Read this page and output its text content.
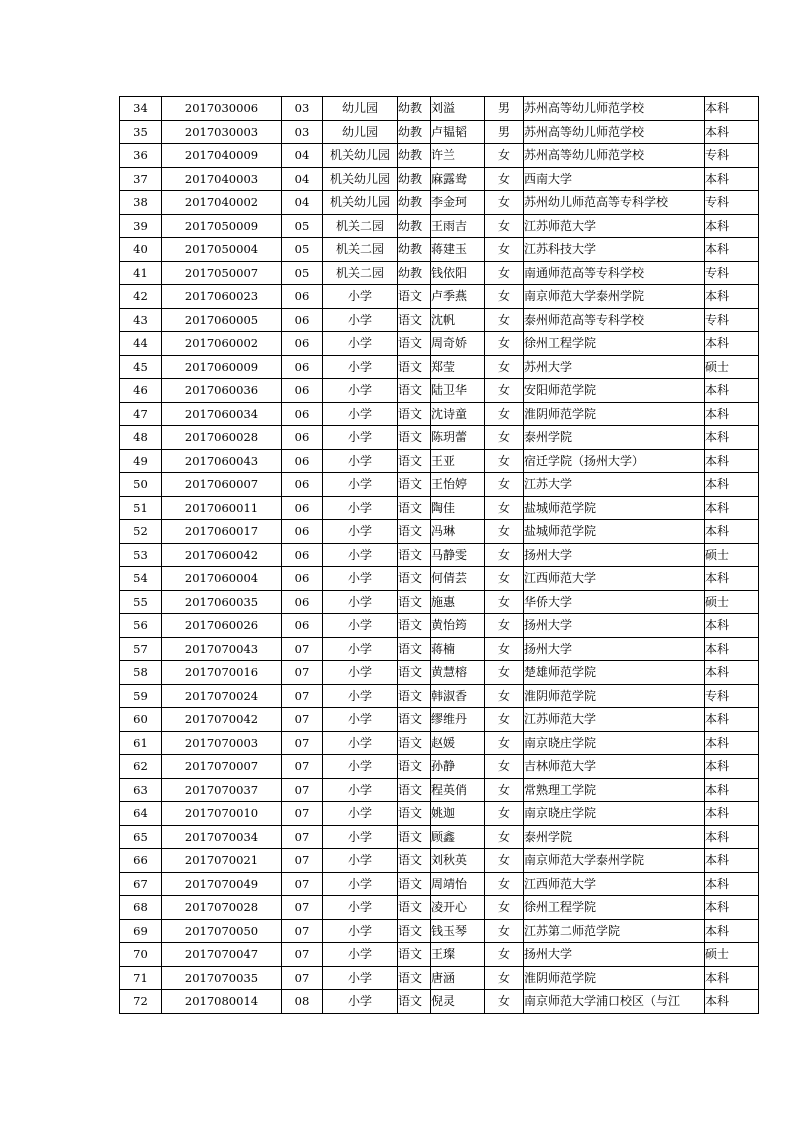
34	2017030006	03	幼儿园	幼教	刘溢	男	苏州高等幼儿师范学校	本科
35	2017030003	03	幼儿园	幼教	卢韫韬	男	苏州高等幼儿师范学校	本科
36	2017040009	04	机关幼儿园	幼教	许兰	女	苏州高等幼儿师范学校	专科
37	2017040003	04	机关幼儿园	幼教	麻露鸯	女	西南大学	本科
38	2017040002	04	机关幼儿园	幼教	李金珂	女	苏州幼儿师范高等专科学校	专科
39	2017050009	05	机关二园	幼教	王雨吉	女	江苏师范大学	本科
40	2017050004	05	机关二园	幼教	蒋建玉	女	江苏科技大学	本科
41	2017050007	05	机关二园	幼教	钱依阳	女	南通师范高等专科学校	专科
42	2017060023	06	小学	语文	卢季燕	女	南京师范大学泰州学院	本科
43	2017060005	06	小学	语文	沈帆	女	泰州师范高等专科学校	专科
44	2017060002	06	小学	语文	周奇娇	女	徐州工程学院	本科
45	2017060009	06	小学	语文	郑莹	女	苏州大学	硕士
46	2017060036	06	小学	语文	陆卫华	女	安阳师范学院	本科
47	2017060034	06	小学	语文	沈诗童	女	淮阴师范学院	本科
48	2017060028	06	小学	语文	陈玥蕾	女	泰州学院	本科
49	2017060043	06	小学	语文	王亚	女	宿迁学院（扬州大学）	本科
50	2017060007	06	小学	语文	王怡婷	女	江苏大学	本科
51	2017060011	06	小学	语文	陶佳	女	盐城师范学院	本科
52	2017060017	06	小学	语文	冯琳	女	盐城师范学院	本科
53	2017060042	06	小学	语文	马静雯	女	扬州大学	硕士
54	2017060004	06	小学	语文	何倩芸	女	江西师范大学	本科
55	2017060035	06	小学	语文	施惠	女	华侨大学	硕士
56	2017060026	06	小学	语文	黄怡筠	女	扬州大学	本科
57	2017070043	07	小学	语文	蒋楠	女	扬州大学	本科
58	2017070016	07	小学	语文	黄慧榕	女	楚雄师范学院	本科
59	2017070024	07	小学	语文	韩淑香	女	淮阴师范学院	专科
60	2017070042	07	小学	语文	缪维丹	女	江苏师范大学	本科
61	2017070003	07	小学	语文	赵媛	女	南京晓庄学院	本科
62	2017070007	07	小学	语文	孙静	女	吉林师范大学	本科
63	2017070037	07	小学	语文	程英俏	女	常熟理工学院	本科
64	2017070010	07	小学	语文	姚迦	女	南京晓庄学院	本科
65	2017070034	07	小学	语文	顾鑫	女	泰州学院	本科
66	2017070021	07	小学	语文	刘秋英	女	南京师范大学泰州学院	本科
67	2017070049	07	小学	语文	周靖怡	女	江西师范大学	本科
68	2017070028	07	小学	语文	凌开心	女	徐州工程学院	本科
69	2017070050	07	小学	语文	钱玉琴	女	江苏第二师范学院	本科
70	2017070047	07	小学	语文	王璨	女	扬州大学	硕士
71	2017070035	07	小学	语文	唐涵	女	淮阴师范学院	本科
72	2017080014	08	小学	语文	倪灵	女	南京师范大学浦口校区（与江	本科
